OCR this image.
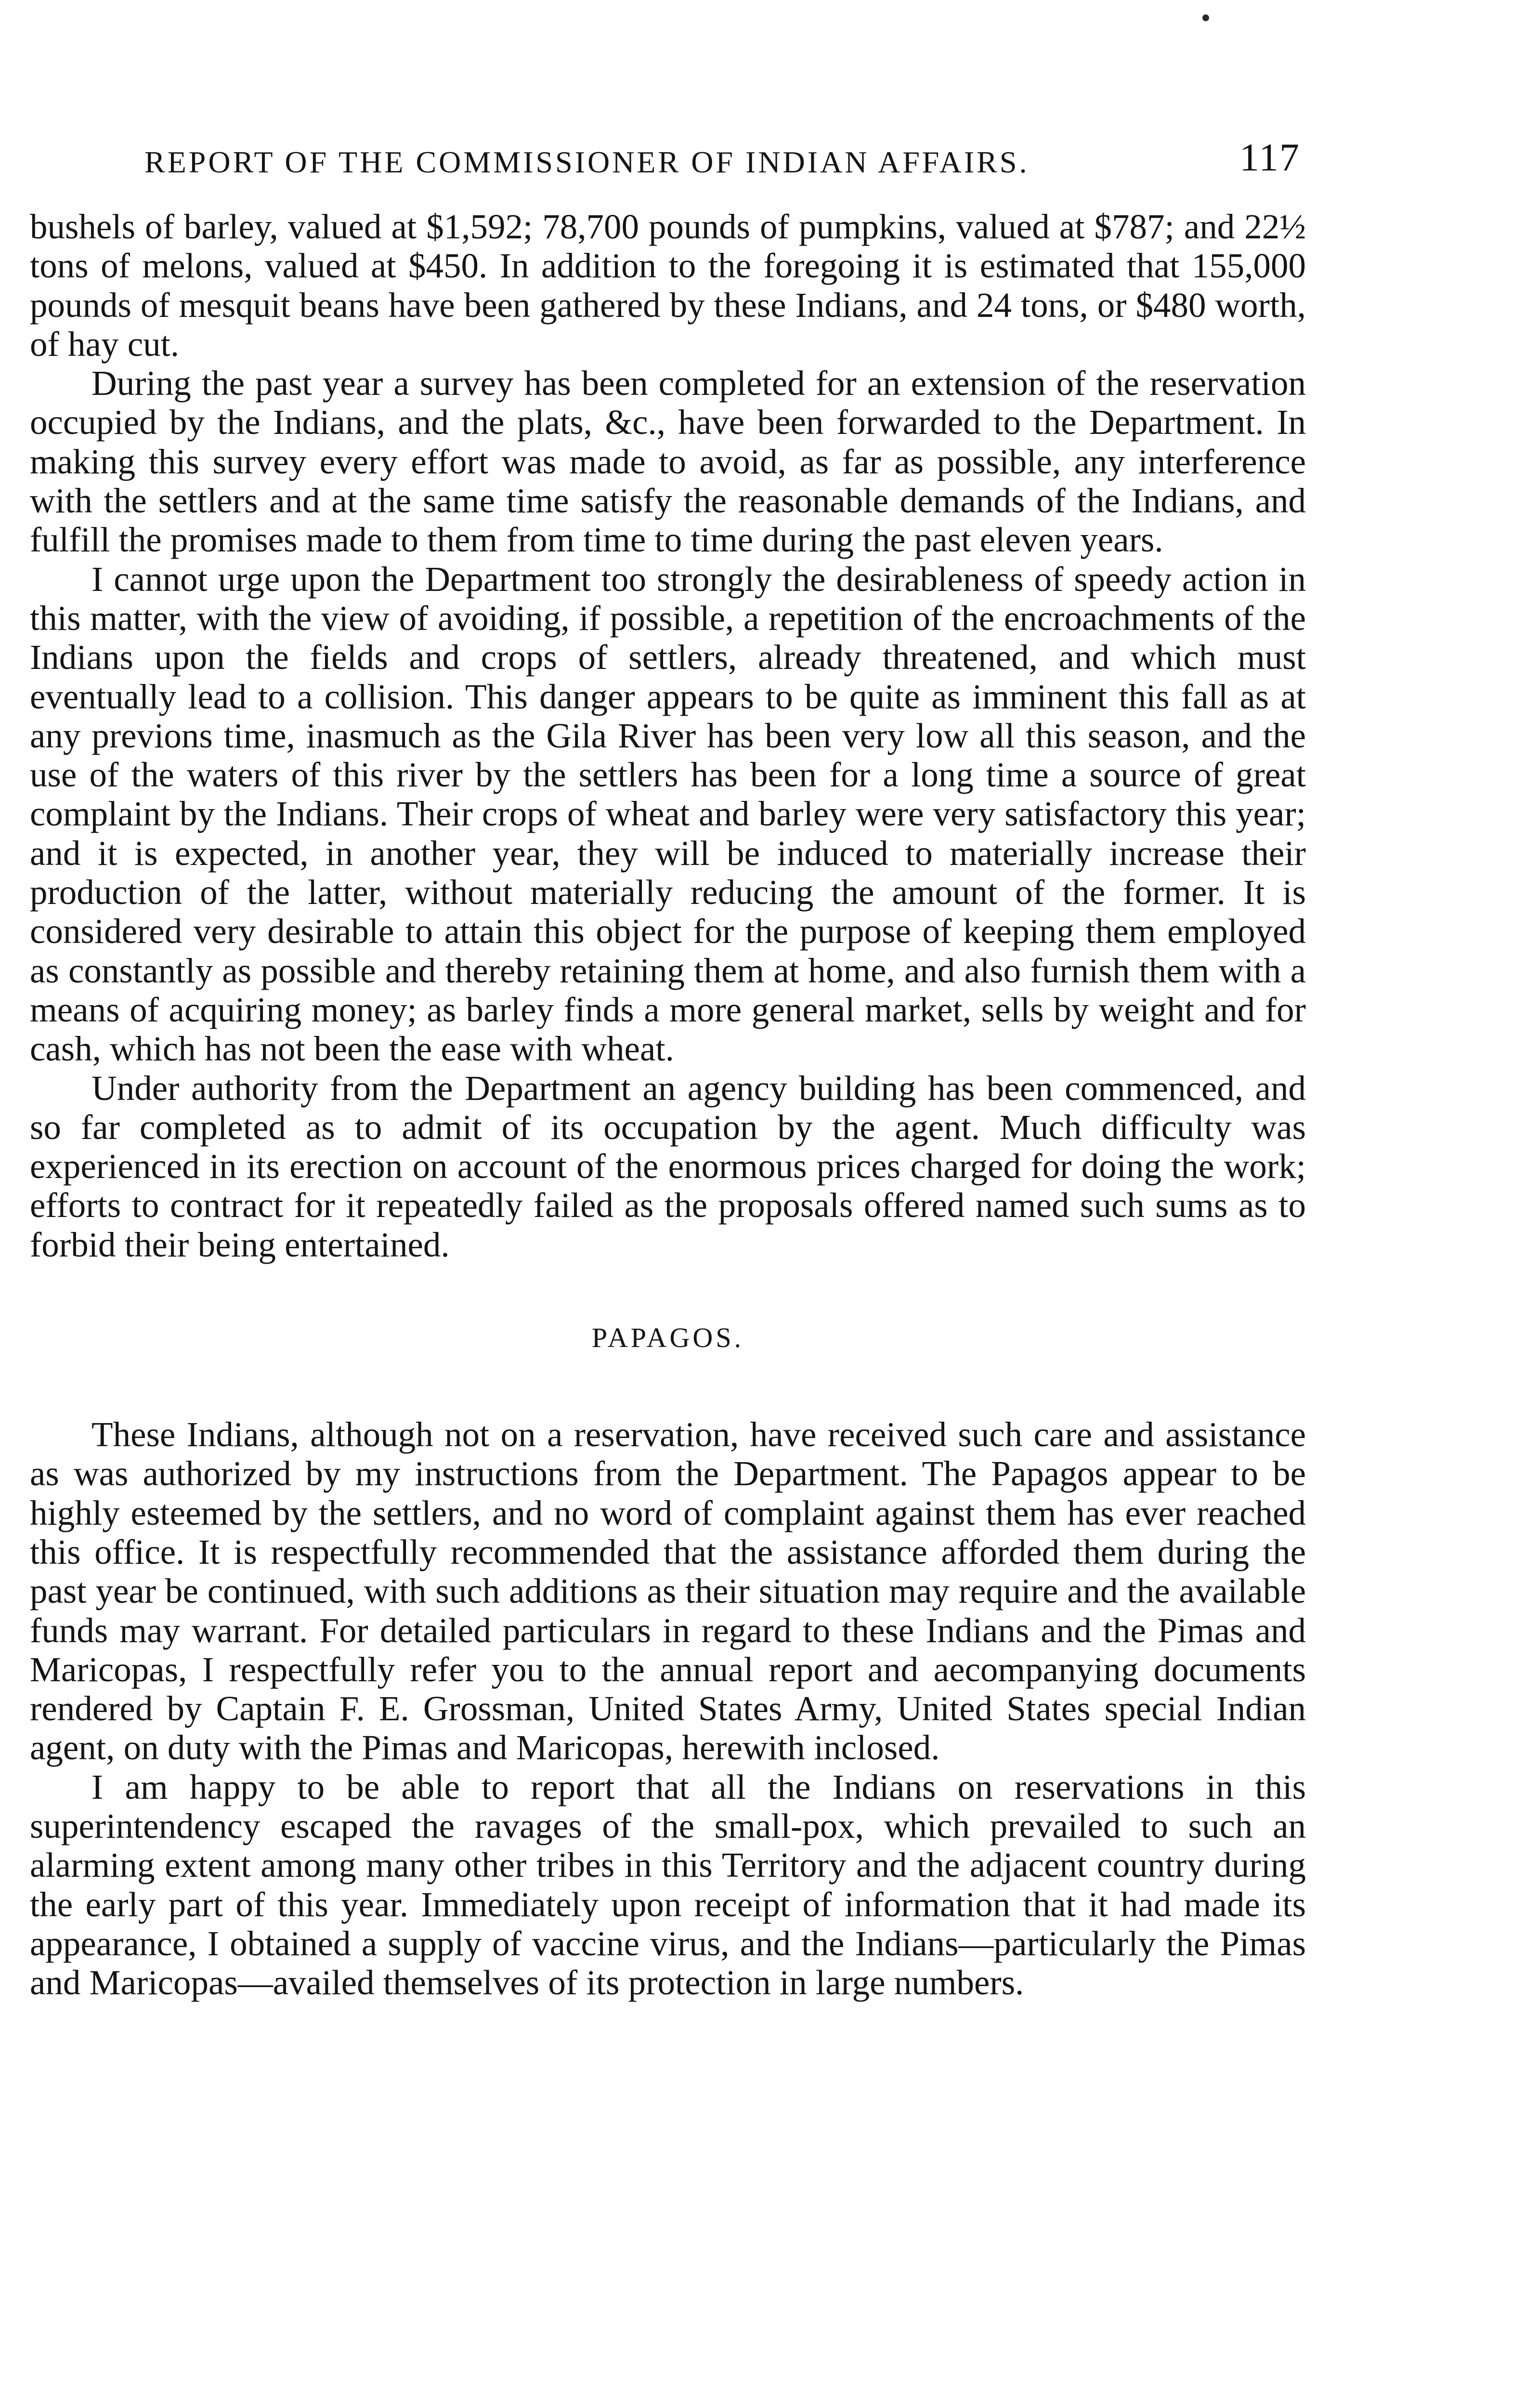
REPORT OF THE COMMISSIONER OF INDIAN AFFAIRS.	117

bushels of barley, valued at $1,592; 78,700 pounds of pumpkins, valued at $787; and 22½ tons of melons, valued at $450. In addition to the foregoing it is estimated that 155,000 pounds of mesquit beans have been gathered by these Indians, and 24 tons, or $480 worth, of hay cut.

During the past year a survey has been completed for an extension of the reservation occupied by the Indians, and the plats, &c., have been forwarded to the Department. In making this survey every effort was made to avoid, as far as possible, any interference with the settlers and at the same time satisfy the reasonable demands of the Indians, and fulfill the promises made to them from time to time during the past eleven years.

I cannot urge upon the Department too strongly the desirableness of speedy action in this matter, with the view of avoiding, if possible, a repetition of the encroachments of the Indians upon the fields and crops of settlers, already threatened, and which must eventually lead to a collision. This danger appears to be quite as imminent this fall as at any previons time, inasmuch as the Gila River has been very low all this season, and the use of the waters of this river by the settlers has been for a long time a source of great complaint by the Indians. Their crops of wheat and barley were very satisfactory this year; and it is expected, in another year, they will be induced to materially increase their production of the latter, without materially reducing the amount of the former. It is considered very desirable to attain this object for the purpose of keeping them employed as constantly as possible and thereby retaining them at home, and also furnish them with a means of acquiring money; as barley finds a more general market, sells by weight and for cash, which has not been the ease with wheat.

Under authority from the Department an agency building has been commenced, and so far completed as to admit of its occupation by the agent. Much difficulty was experienced in its erection on account of the enormous prices charged for doing the work; efforts to contract for it repeatedly failed as the proposals offered named such sums as to forbid their being entertained.

PAPAGOS.

These Indians, although not on a reservation, have received such care and assistance as was authorized by my instructions from the Department. The Papagos appear to be highly esteemed by the settlers, and no word of complaint against them has ever reached this office. It is respectfully recommended that the assistance afforded them during the past year be continued, with such additions as their situation may require and the available funds may warrant. For detailed particulars in regard to these Indians and the Pimas and Maricopas, I respectfully refer you to the annual report and aecompanying documents rendered by Captain F. E. Grossman, United States Army, United States special Indian agent, on duty with the Pimas and Maricopas, herewith inclosed.

I am happy to be able to report that all the Indians on reservations in this superintendency escaped the ravages of the small-pox, which prevailed to such an alarming extent among many other tribes in this Territory and the adjacent country during the early part of this year. Immediately upon receipt of information that it had made its appearance, I obtained a supply of vaccine virus, and the Indians—particularly the Pimas and Maricopas—availed themselves of its protection in large numbers.
